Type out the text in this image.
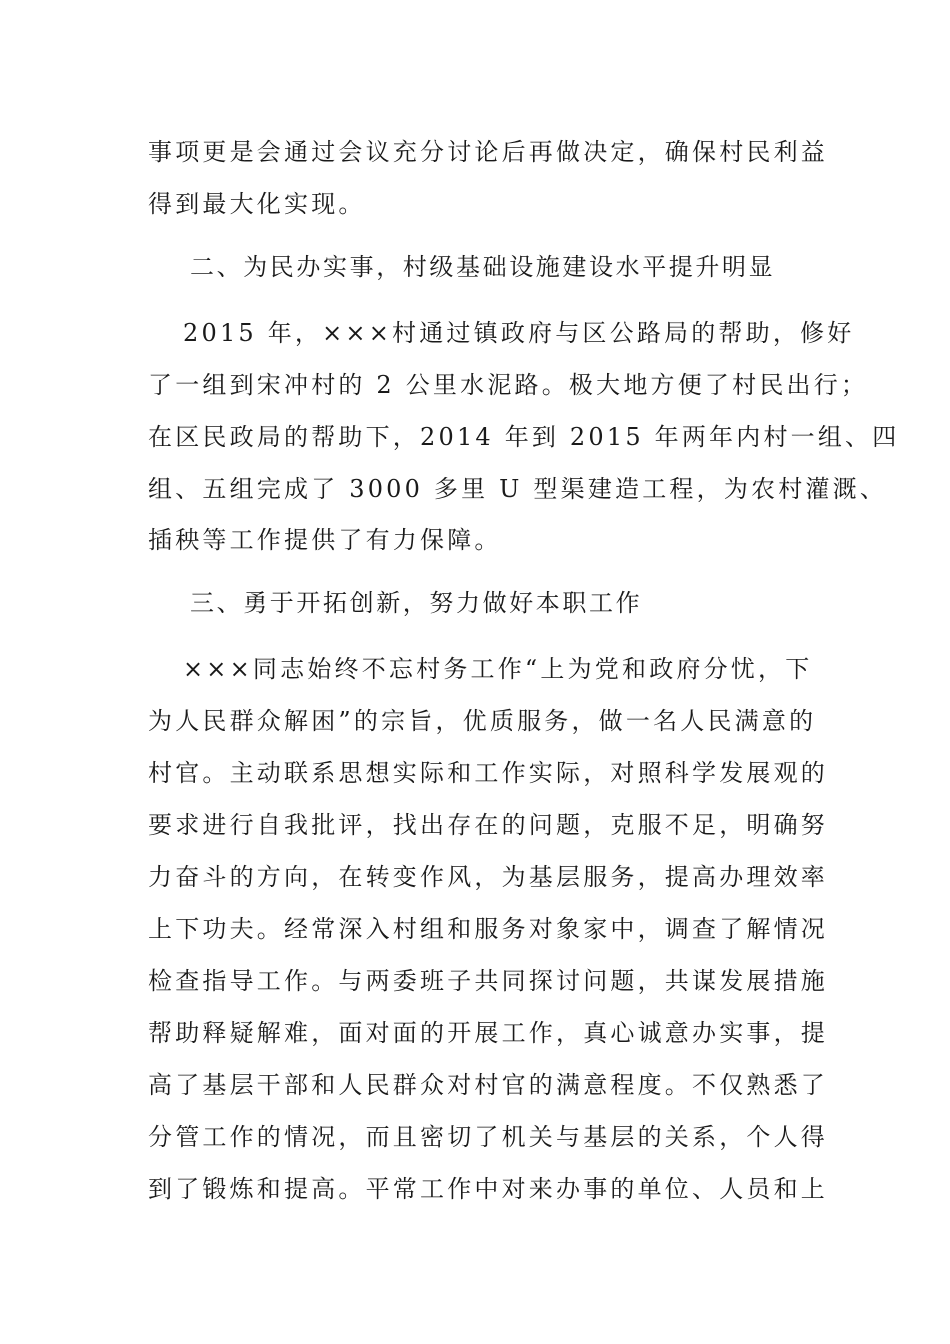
事项更是会通过会议充分讨论后再做决定，确保村民利益
得到最大化实现。
二、为民办实事，村级基础设施建设水平提升明显
2015 年，×××村通过镇政府与区公路局的帮助，修好
了一组到宋冲村的 2 公里水泥路。极大地方便了村民出行；
在区民政局的帮助下，2014 年到 2015 年两年内村一组、四
组、五组完成了 3000 多里 U 型渠建造工程，为农村灌溉、
插秧等工作提供了有力保障。
三、勇于开拓创新，努力做好本职工作
×××同志始终不忘村务工作“上为党和政府分忧，下
为人民群众解困”的宗旨，优质服务，做一名人民满意的
村官。主动联系思想实际和工作实际，对照科学发展观的
要求进行自我批评，找出存在的问题，克服不足，明确努
力奋斗的方向，在转变作风，为基层服务，提高办理效率
上下功夫。经常深入村组和服务对象家中，调查了解情况
检查指导工作。与两委班子共同探讨问题，共谋发展措施
帮助释疑解难，面对面的开展工作，真心诚意办实事，提
高了基层干部和人民群众对村官的满意程度。不仅熟悉了
分管工作的情况，而且密切了机关与基层的关系，个人得
到了锻炼和提高。平常工作中对来办事的单位、人员和上
